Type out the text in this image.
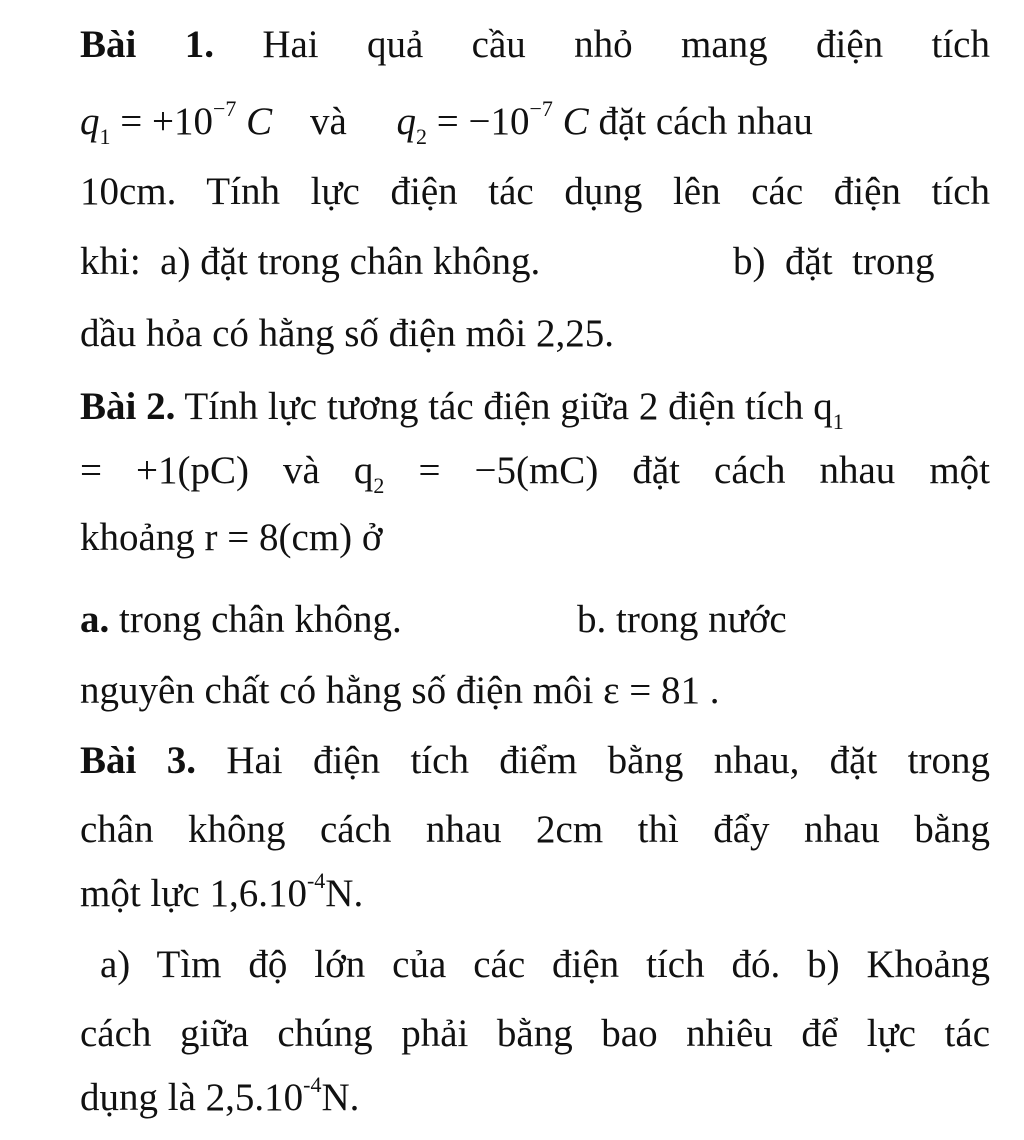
Bài 1. Hai quả cầu nhỏ mang điện tích
$q_1 = +10^{-7}$ C và $q_2 = -10^{-7}$ C đặt cách nhau
10cm. Tính lực điện tác dụng lên các điện tích
khi:  a) đặt trong chân không.	b)  đặt  trong
dầu hỏa có hằng số điện môi 2,25.
Bài 2. Tính lực tương tác điện giữa 2 điện tích $q_1$
= +1(pC) và $q_2 = -5(mC)$ đặt cách nhau một
khoảng r = 8(cm) ở
a. trong chân không.	b. trong nước
nguyên chất có hằng số điện môi ε = 81 .
Bài 3. Hai điện tích điểm bằng nhau, đặt trong
chân không cách nhau 2cm thì đẩy nhau bằng
một lực $1,6.10^{-4}N$.
a) Tìm độ lớn của các điện tích đó. b) Khoảng
cách giữa chúng phải bằng bao nhiêu để lực tác
dụng là $2,5.10^{-4}N$.
